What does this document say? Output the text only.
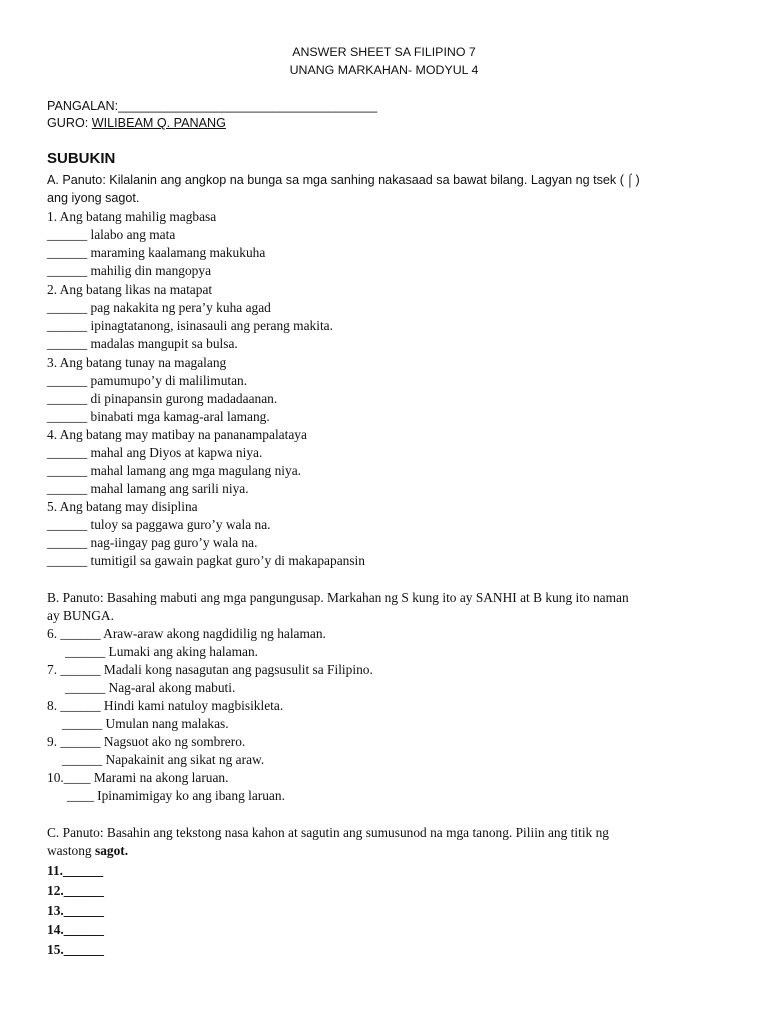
ANSWER SHEET SA FILIPINO 7
UNANG MARKAHAN- MODYUL 4
PANGALAN:_____________________________________
GURO: WILIBEAM Q. PANANG
SUBUKIN
A. Panuto: Kilalanin ang angkop na bunga sa mga sanhing nakasaad sa bawat bilang. Lagyan ng tsek ( ⌠ )
ang iyong sagot.
1. Ang batang mahilig magbasa
______ lalabo ang mata
______ maraming kaalamang makukuha
______ mahilig din mangopya
2. Ang batang likas na matapat
______ pag nakakita ng pera’y kuha agad
______ ipinagtatanong, isinasauli ang perang makita.
______ madalas mangupit sa bulsa.
3. Ang batang tunay na magalang
______ pamumupo’y di malilimutan.
______ di pinapansin gurong madadaanan.
______ binabati mga kamag-aral lamang.
4. Ang batang may matibay na pananampalataya
______ mahal ang Diyos at kapwa niya.
______ mahal lamang ang mga magulang niya.
______ mahal lamang ang sarili niya.
5. Ang batang may disiplina
______ tuloy sa paggawa guro’y wala na.
______ nag-iingay pag guro’y wala na.
______ tumitigil sa gawain pagkat guro’y di makapapansin
B. Panuto: Basahing mabuti ang mga pangungusap. Markahan ng S kung ito ay SANHI at B kung ito naman
ay BUNGA.
6. ______ Araw-araw akong nagdidilig ng halaman.
______ Lumaki ang aking halaman.
7. ______ Madali kong nasagutan ang pagsusulit sa Filipino.
______ Nag-aral akong mabuti.
8. ______ Hindi kami natuloy magbisikleta.
______ Umulan nang malakas.
9. ______ Nagsuot ako ng sombrero.
______ Napakainit ang sikat ng araw.
10.____ Marami na akong laruan.
____ Ipinamimigay ko ang ibang laruan.
C. Panuto: Basahin ang tekstong nasa kahon at sagutin ang sumusunod na mga tanong. Piliin ang titik ng
wastong sagot.
11.______
12.______
13.______
14.______
15.______
